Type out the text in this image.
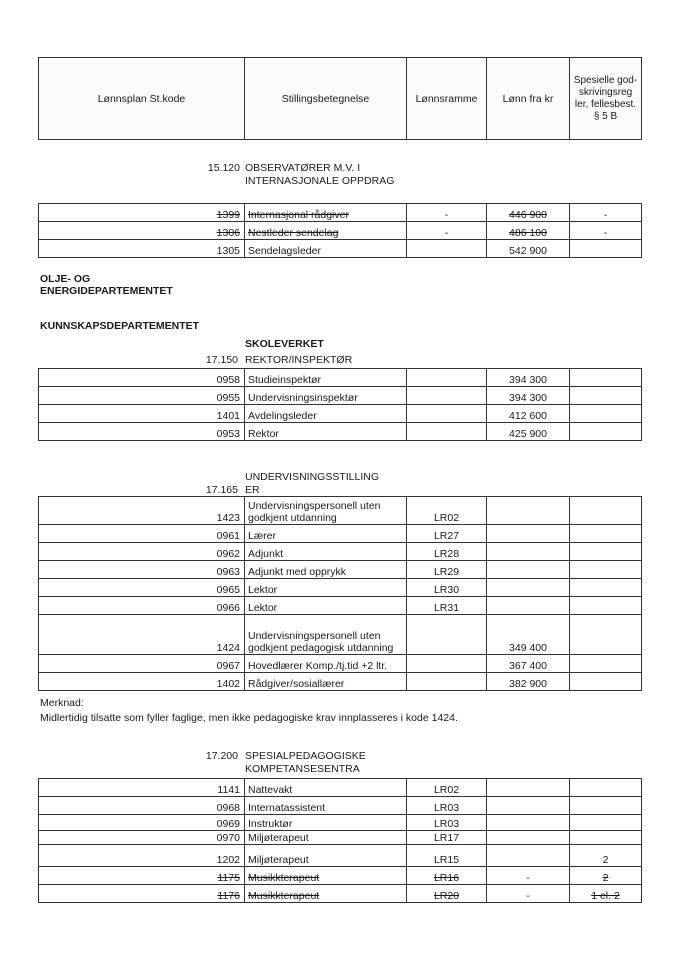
Lønnsplan St.kode	Stillingsbetegnelse	Lønnsramme	Lønn fra kr	Spesielle god-skrivingsreg ler, fellesbest. § 5 B
15.120 OBSERVATØRER M.V. I INTERNASJONALE OPPDRAG
1399	Internasjonal rådgiver	-	446 900	-
1306	Nestleder sendelag	-	486 100	-
1305	Sendelagsleder		542 900	
OLJE- OG ENERGIDEPARTEMENTET
KUNNSKAPSDEPARTEMENTET
SKOLEVERKET
17.150 REKTOR/INSPEKTØR
0958	Studieinspektør		394 300	
0955	Undervisningsinspektør		394 300	
1401	Avdelingsleder		412 600	
0953	Rektor		425 900	
17.165
UNDERVISNINGSSTILLINGER
1423	Undervisningspersonell uten godkjent utdanning	LR02		
0961	Lærer	LR27		
0962	Adjunkt	LR28		
0963	Adjunkt med opprykk	LR29		
0965	Lektor	LR30		
0966	Lektor	LR31		
1424	Undervisningspersonell uten godkjent pedagogisk utdanning		349 400	
0967	Hovedlærer Komp./tj.tid +2 ltr.		367 400	
1402	Rådgiver/sosiallærer		382 900	
Merknad:
Midlertidig tilsatte som fyller faglige, men ikke pedagogiske krav innplasseres i kode 1424.
17.200 SPESIALPEDAGOGISKE KOMPETANSESENTRA
1141	Nattevakt	LR02		
0968	Internatassistent	LR03		
0969	Instruktør	LR03		
0970	Miljøterapeut	LR17		
1202	Miljøterapeut	LR15		2
1175	Musikkterapeut	LR16	-	2
1176	Musikkterapeut	LR20	-	1 el. 2
